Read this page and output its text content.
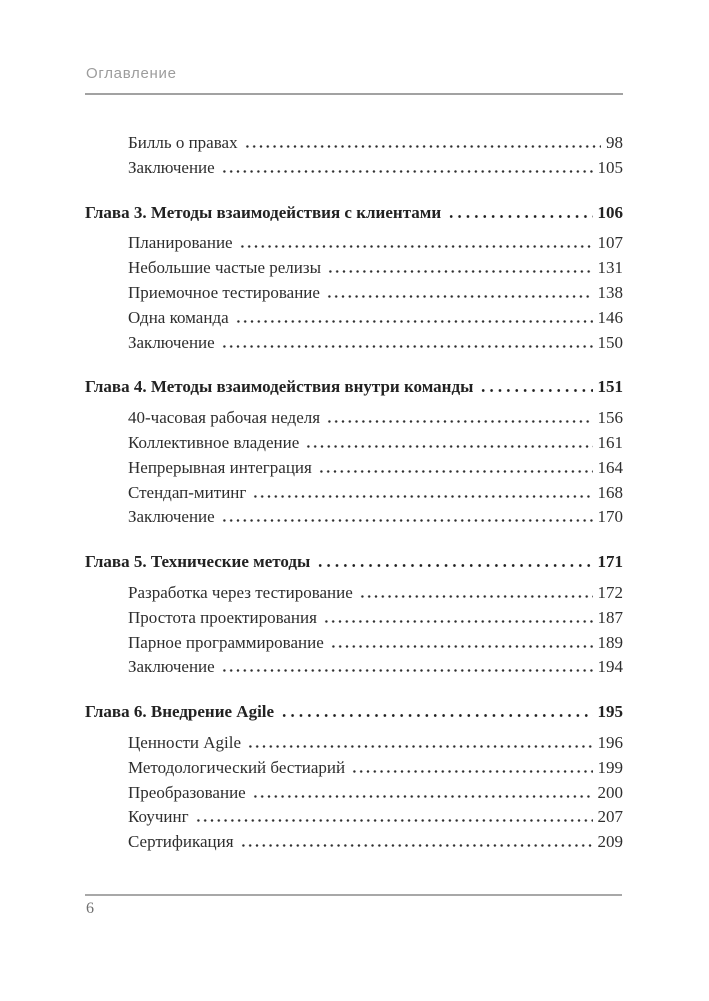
Оглавление
Билль о правах	98
Заключение	105
Глава 3. Методы взаимодействия с клиентами	106
Планирование	107
Небольшие частые релизы	131
Приемочное тестирование	138
Одна команда	146
Заключение	150
Глава 4. Методы взаимодействия внутри команды	151
40-часовая рабочая неделя	156
Коллективное владение	161
Непрерывная интеграция	164
Стендап-митинг	168
Заключение	170
Глава 5. Технические методы	171
Разработка через тестирование	172
Простота проектирования	187
Парное программирование	189
Заключение	194
Глава 6. Внедрение Agile	195
Ценности Agile	196
Методологический бестиарий	199
Преобразование	200
Коучинг	207
Сертификация	209
6
